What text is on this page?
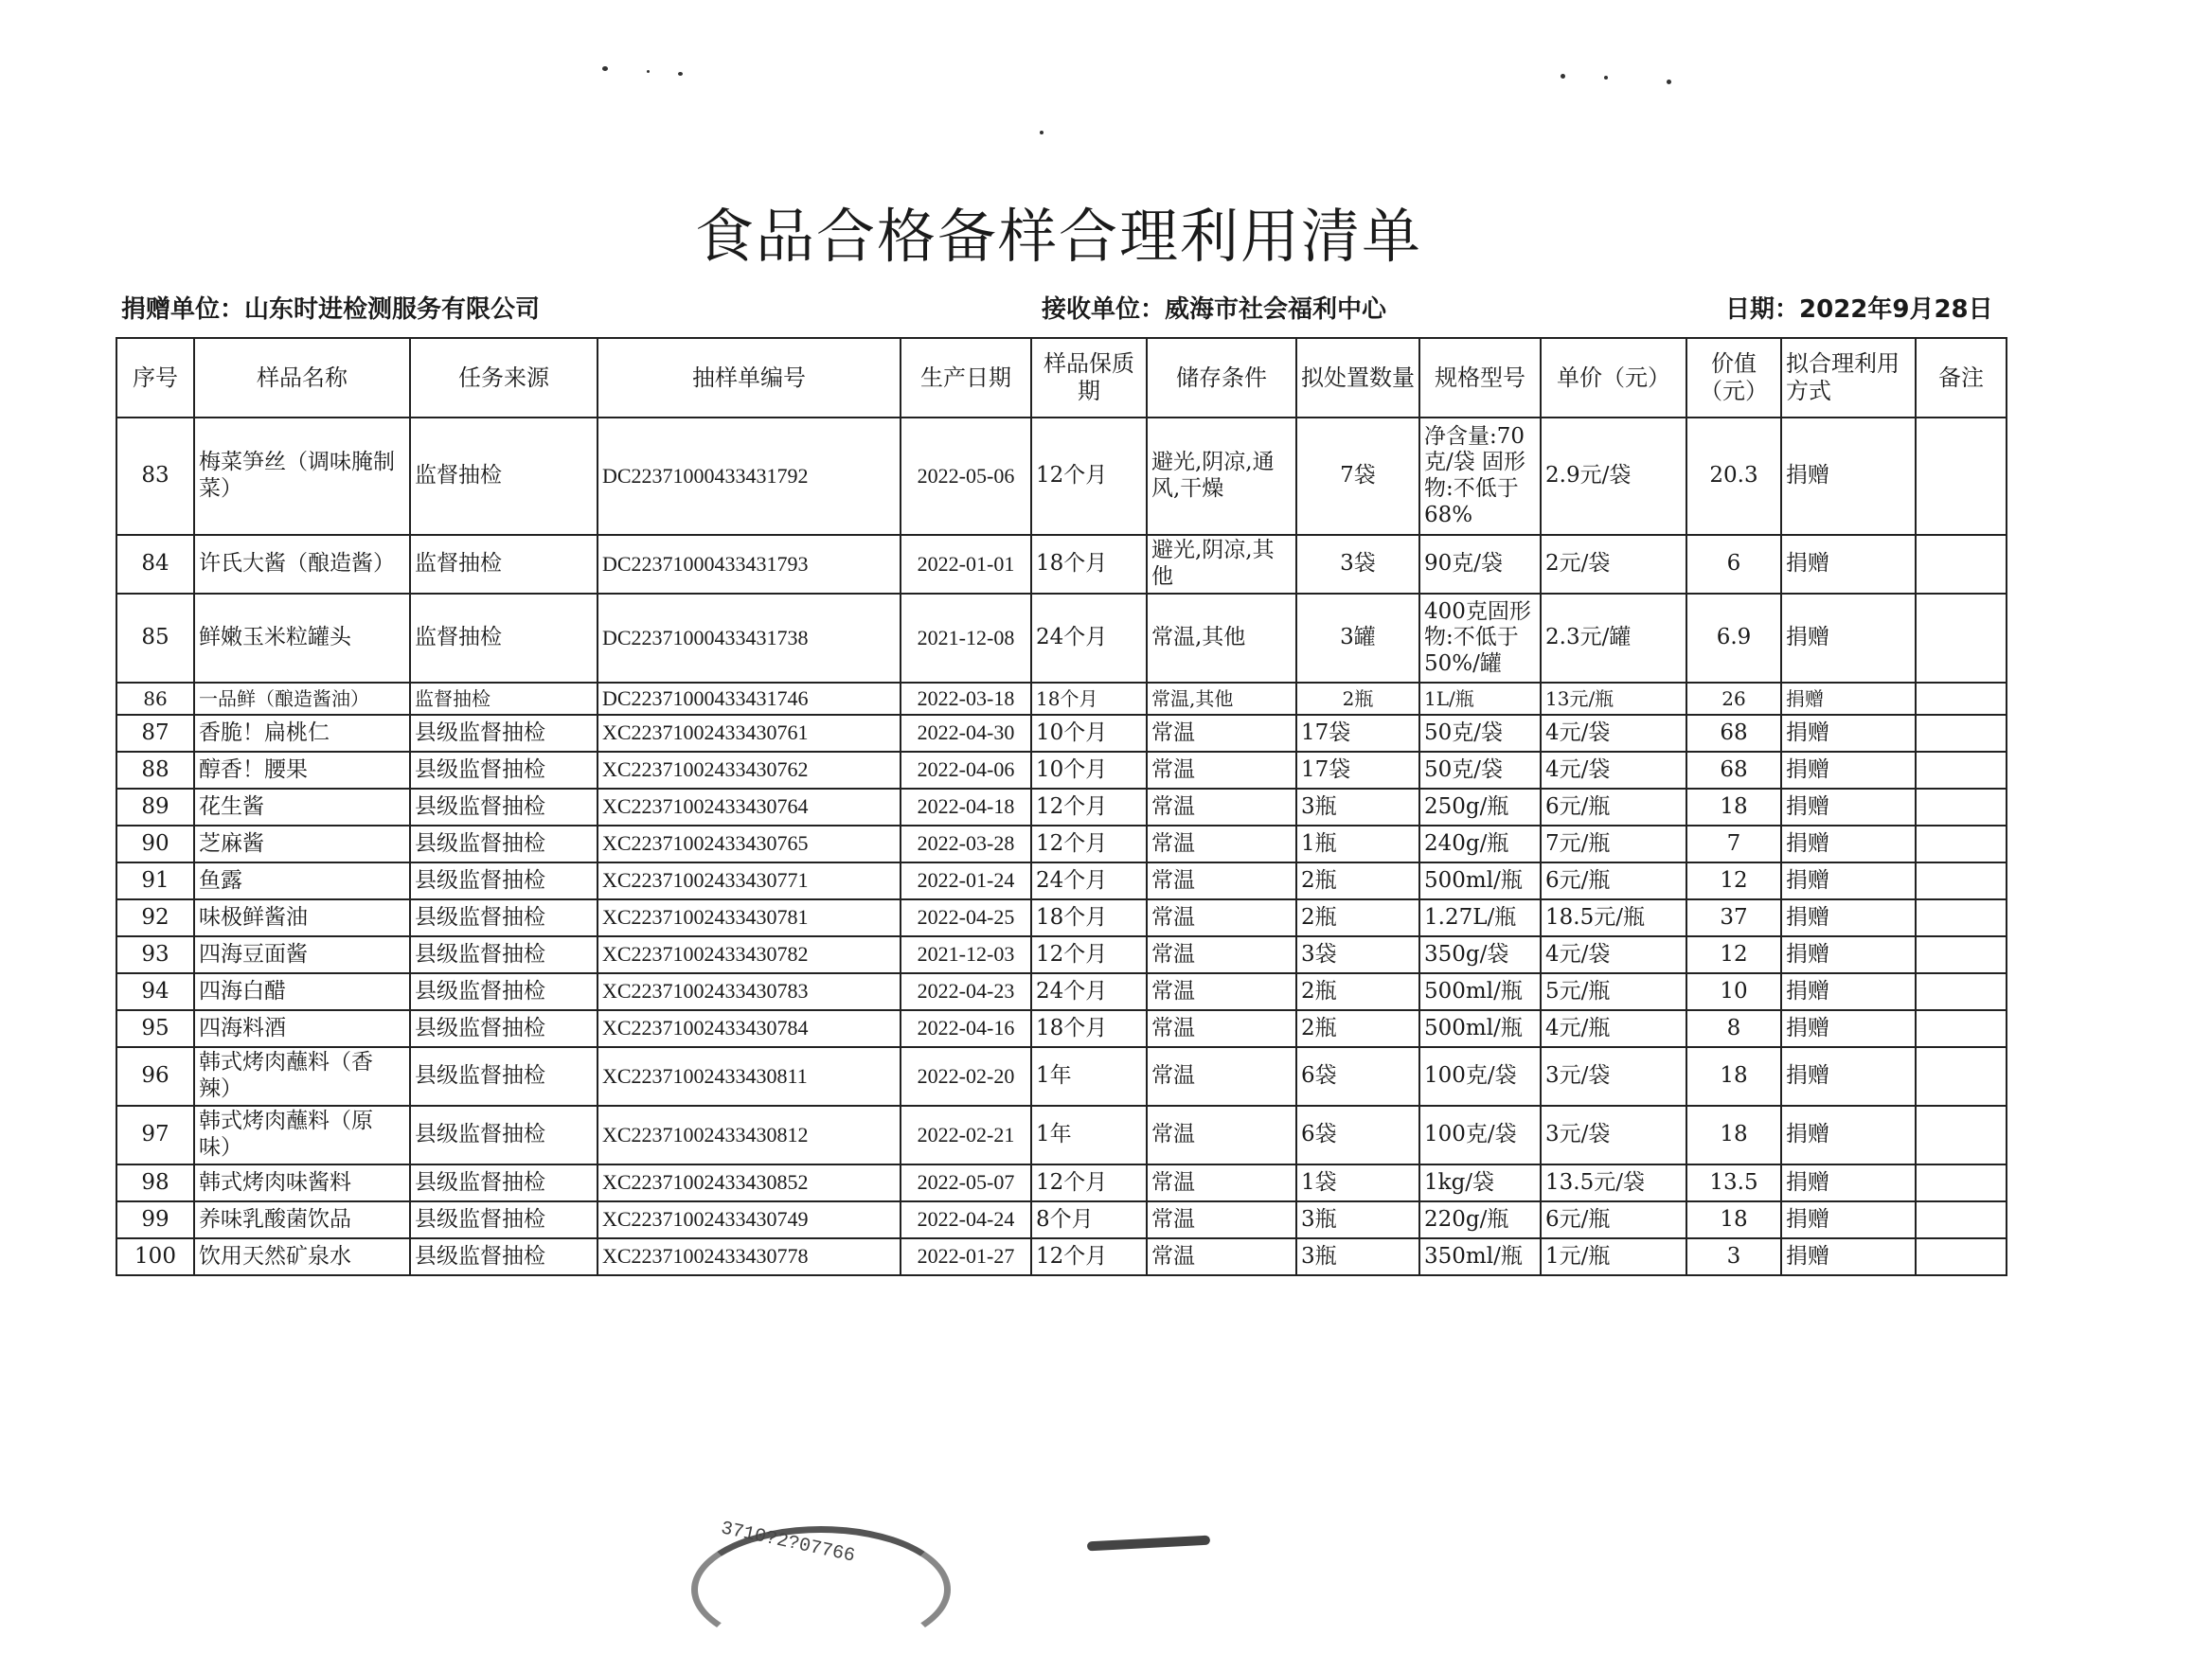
食品合格备样合理利用清单
捐赠单位：山东时进检测服务有限公司	接收单位：威海市社会福利中心	日期：2022年9月28日
序号	样品名称	任务来源	抽样单编号	生产日期	样品保质期	储存条件	拟处置数量	规格型号	单价（元）	价值（元）	拟合理利用方式	备注
83	梅菜笋丝（调味腌制菜）	监督抽检	DC22371000433431792	2022-05-06	12个月	避光,阴凉,通风,干燥	7袋	净含量:70克/袋 固形物:不低于68%	2.9元/袋	20.3	捐赠	
84	许氏大酱（酿造酱）	监督抽检	DC22371000433431793	2022-01-01	18个月	避光,阴凉,其他	3袋	90克/袋	2元/袋	6	捐赠	
85	鲜嫩玉米粒罐头	监督抽检	DC22371000433431738	2021-12-08	24个月	常温,其他	3罐	400克固形物:不低于50%/罐	2.3元/罐	6.9	捐赠	
86	一品鲜（酿造酱油）	监督抽检	DC22371000433431746	2022-03-18	18个月	常温,其他	2瓶	1L/瓶	13元/瓶	26	捐赠	
87	香脆！扁桃仁	县级监督抽检	XC22371002433430761	2022-04-30	10个月	常温	17袋	50克/袋	4元/袋	68	捐赠	
88	醇香！腰果	县级监督抽检	XC22371002433430762	2022-04-06	10个月	常温	17袋	50克/袋	4元/袋	68	捐赠	
89	花生酱	县级监督抽检	XC22371002433430764	2022-04-18	12个月	常温	3瓶	250g/瓶	6元/瓶	18	捐赠	
90	芝麻酱	县级监督抽检	XC22371002433430765	2022-03-28	12个月	常温	1瓶	240g/瓶	7元/瓶	7	捐赠	
91	鱼露	县级监督抽检	XC22371002433430771	2022-01-24	24个月	常温	2瓶	500ml/瓶	6元/瓶	12	捐赠	
92	味极鲜酱油	县级监督抽检	XC22371002433430781	2022-04-25	18个月	常温	2瓶	1.27L/瓶	18.5元/瓶	37	捐赠	
93	四海豆面酱	县级监督抽检	XC22371002433430782	2021-12-03	12个月	常温	3袋	350g/袋	4元/袋	12	捐赠	
94	四海白醋	县级监督抽检	XC22371002433430783	2022-04-23	24个月	常温	2瓶	500ml/瓶	5元/瓶	10	捐赠	
95	四海料酒	县级监督抽检	XC22371002433430784	2022-04-16	18个月	常温	2瓶	500ml/瓶	4元/瓶	8	捐赠	
96	韩式烤肉蘸料（香辣）	县级监督抽检	XC22371002433430811	2022-02-20	1年	常温	6袋	100克/袋	3元/袋	18	捐赠	
97	韩式烤肉蘸料（原味）	县级监督抽检	XC22371002433430812	2022-02-21	1年	常温	6袋	100克/袋	3元/袋	18	捐赠	
98	韩式烤肉味酱料	县级监督抽检	XC22371002433430852	2022-05-07	12个月	常温	1袋	1kg/袋	13.5元/袋	13.5	捐赠	
99	养味乳酸菌饮品	县级监督抽检	XC22371002433430749	2022-04-24	8个月	常温	3瓶	220g/瓶	6元/瓶	18	捐赠	
100	饮用天然矿泉水	县级监督抽检	XC22371002433430778	2022-01-27	12个月	常温	3瓶	350ml/瓶	1元/瓶	3	捐赠	
3710?2?07766
